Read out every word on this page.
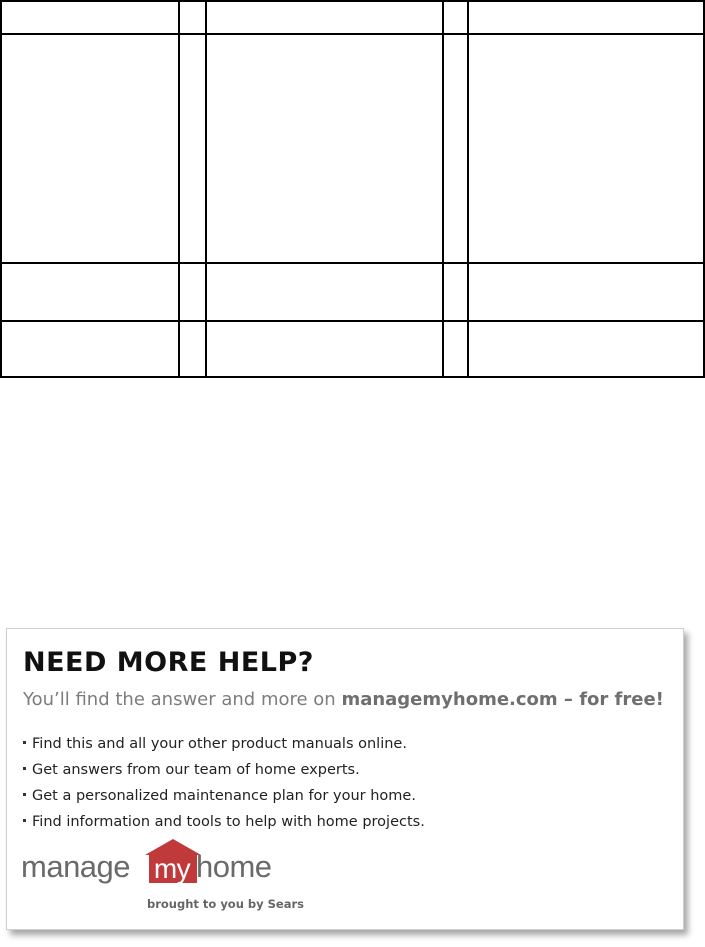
NEED MORE HELP?
You’ll find the answer and more on managemyhome.com – for free!
Find this and all your other product manuals online.
Get answers from our team of home experts.
Get a personalized maintenance plan for your home.
Find information and tools to help with home projects.
manage my home
brought to you by Sears
